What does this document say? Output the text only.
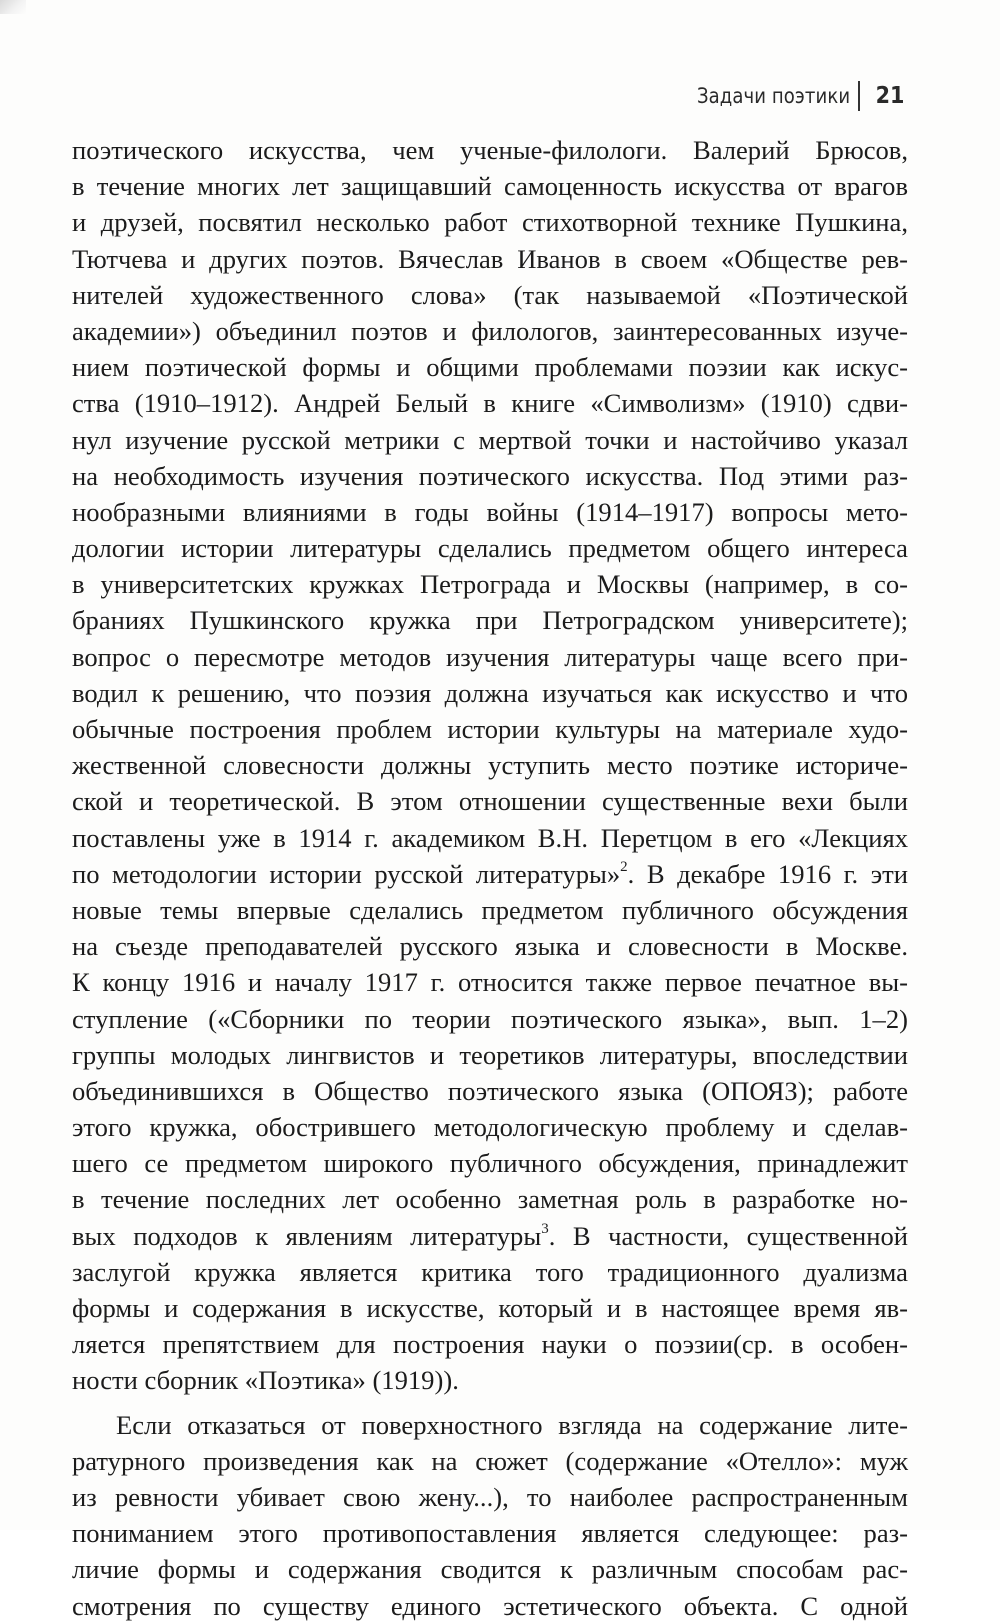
Задачи поэтики 21
поэтического искусства, чем ученые-филологи. Валерий Брюсов,
в течение многих лет защищавший самоценность искусства от врагов
и друзей, посвятил несколько работ стихотворной технике Пушкина,
Тютчева и других поэтов. Вячеслав Иванов в своем «Обществе рев-
нителей художественного слова» (так называемой «Поэтической
академии») объединил поэтов и филологов, заинтересованных изуче-
нием поэтической формы и общими проблемами поэзии как искус-
ства (1910–1912). Андрей Белый в книге «Символизм» (1910) сдви-
нул изучение русской метрики с мертвой точки и настойчиво указал
на необходимость изучения поэтического искусства. Под этими раз-
нообразными влияниями в годы войны (1914–1917) вопросы мето-
дологии истории литературы сделались предметом общего интереса
в университетских кружках Петрограда и Москвы (например, в со-
браниях Пушкинского кружка при Петроградском университете);
вопрос о пересмотре методов изучения литературы чаще всего при-
водил к решению, что поэзия должна изучаться как искусство и что
обычные построения проблем истории культуры на материале худо-
жественной словесности должны уступить место поэтике историче-
ской и теоретической. В этом отношении существенные вехи были
поставлены уже в 1914 г. академиком В.Н. Перетцом в его «Лекциях
по методологии истории русской литературы»$^2$. В декабре 1916 г. эти
новые темы впервые сделались предметом публичного обсуждения
на съезде преподавателей русского языка и словесности в Москве.
К концу 1916 и началу 1917 г. относится также первое печатное вы-
ступление («Сборники по теории поэтического языка», вып. 1–2)
группы молодых лингвистов и теоретиков литературы, впоследствии
объединившихся в Общество поэтического языка (ОПОЯЗ); работе
этого кружка, обострившего методологическую проблему и сделав-
шего се предметом широкого публичного обсуждения, принадлежит
в течение последних лет особенно заметная роль в разработке но-
вых подходов к явлениям литературы$^3$. В частности, существенной
заслугой кружка является критика того традиционного дуализма
формы и содержания в искусстве, который и в настоящее время яв-
ляется препятствием для построения науки о поэзии(ср. в особен-
ности сборник «Поэтика» (1919)).
Если отказаться от поверхностного взгляда на содержание лите-
ратурного произведения как на сюжет (содержание «Отелло»: муж
из ревности убивает свою жену...), то наиболее распространенным
пониманием этого противопоставления является следующее: раз-
личие формы и содержания сводится к различным способам рас-
смотрения по существу единого эстетического объекта. С одной
